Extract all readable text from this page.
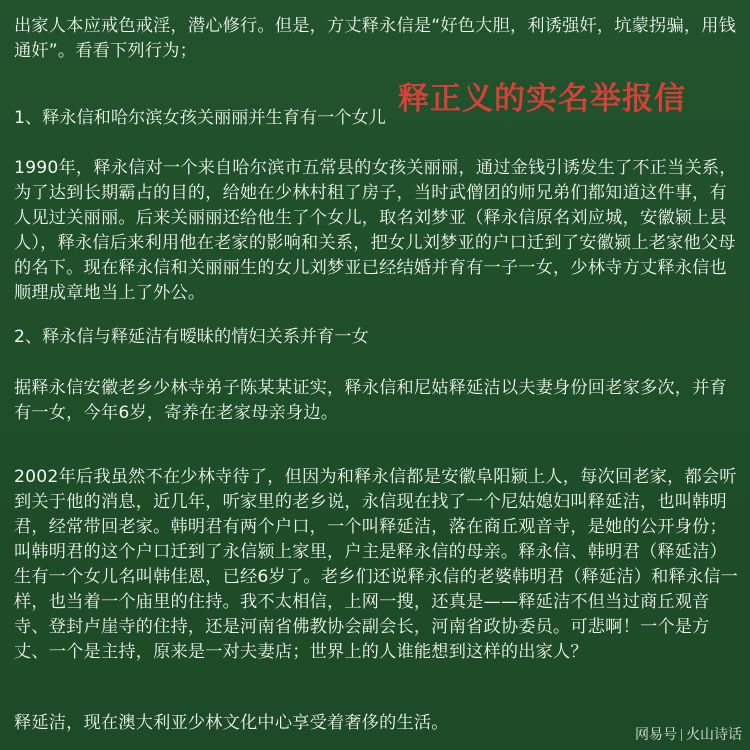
出家人本应戒色戒淫，潜心修行。但是，方丈释永信是“好色大胆，利诱强奸，坑蒙拐骗，用钱通奸”。看看下列行为；

释正义的实名举报信

1、释永信和哈尔滨女孩关丽丽并生育有一个女儿

1990年，释永信对一个来自哈尔滨市五常县的女孩关丽丽，通过金钱引诱发生了不正当关系，为了达到长期霸占的目的，给她在少林村租了房子，当时武僧团的师兄弟们都知道这件事，有人见过关丽丽。后来关丽丽还给他生了个女儿，取名刘梦亚（释永信原名刘应城，安徽颍上县人），释永信后来利用他在老家的影响和关系，把女儿刘梦亚的户口迁到了安徽颍上老家他父母的名下。现在释永信和关丽丽生的女儿刘梦亚已经结婚并育有一子一女，少林寺方丈释永信也顺理成章地当上了外公。

2、释永信与释延洁有暧昧的情妇关系并育一女

据释永信安徽老乡少林寺弟子陈某某证实，释永信和尼姑释延洁以夫妻身份回老家多次，并育有一女，今年6岁，寄养在老家母亲身边。

2002年后我虽然不在少林寺待了，但因为和释永信都是安徽阜阳颍上人，每次回老家，都会听到关于他的消息，近几年，听家里的老乡说，永信现在找了一个尼姑媳妇叫释延洁，也叫韩明君，经常带回老家。韩明君有两个户口，一个叫释延洁，落在商丘观音寺，是她的公开身份；叫韩明君的这个户口迁到了永信颍上家里，户主是释永信的母亲。释永信、韩明君（释延洁）生有一个女儿名叫韩佳恩，已经6岁了。老乡们还说释永信的老婆韩明君（释延洁）和释永信一样，也当着一个庙里的住持。我不太相信，上网一搜，还真是——释延洁不但当过商丘观音寺、登封卢崖寺的住持，还是河南省佛教协会副会长，河南省政协委员。可悲啊！一个是方丈、一个是主持，原来是一对夫妻店；世界上的人谁能想到这样的出家人？

释延洁，现在澳大利亚少林文化中心享受着奢侈的生活。

网易号 火山诗话
